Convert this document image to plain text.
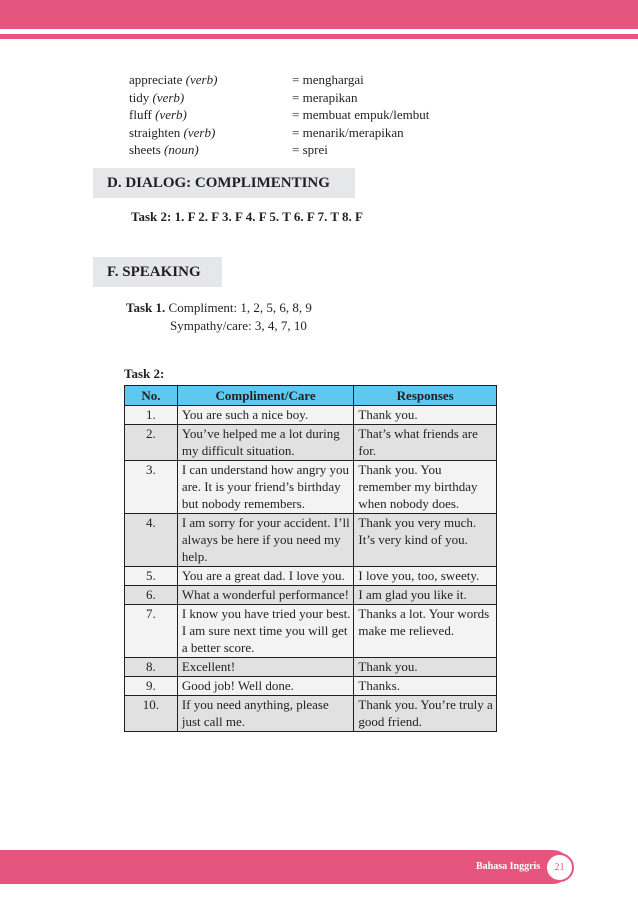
appreciate (verb)	= menghargai
tidy (verb)	= merapikan
fluff (verb)	= membuat empuk/lembut
straighten (verb)	= menarik/merapikan
sheets (noun)	= sprei
D. DIALOG: COMPLIMENTING
Task 2: 1. F 2. F 3. F 4. F 5. T 6. F 7. T 8. F
F. SPEAKING
Task 1. Compliment: 1, 2, 5, 6, 8, 9
Sympathy/care: 3, 4, 7, 10
Task 2:
No.	Compliment/Care	Responses
1.	You are such a nice boy.	Thank you.
2.	You’ve helped me a lot during my difficult situation.	That’s what friends are for.
3.	I can understand how angry you are. It is your friend’s birthday but nobody remembers.	Thank you. You remember my birthday when nobody does.
4.	I am sorry for your accident. I’ll always be here if you need my help.	Thank you very much. It’s very kind of you.
5.	You are a great dad. I love you.	I love you, too, sweety.
6.	What a wonderful performance!	I am glad you like it.
7.	I know you have tried your best. I am sure next time you will get a better score.	Thanks a lot. Your words make me relieved.
8.	Excellent!	Thank you.
9.	Good job! Well done.	Thanks.
10.	If you need anything, please just call me.	Thank you. You’re truly a good friend.
Bahasa Inggris	21
